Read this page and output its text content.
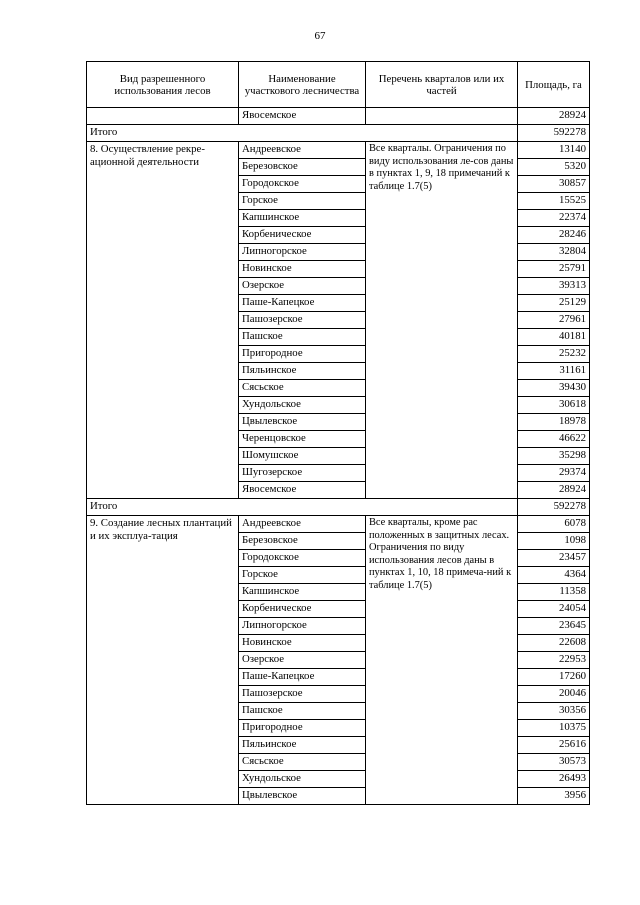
67
Вид разрешенного использования лесов	Наименование участкового лесничества	Перечень кварталов или их частей	Площадь, га
	Явосемское		28924
Итого			592278
8. Осуществление рекре-ационной деятельности	Андреевское	Все кварталы. Ограничения по виду использования ле-сов даны в пунктах 1, 9, 18 примечаний к таблице 1.7(5)	13140
	Березовское		5320
	Городокское		30857
	Горское		15525
	Капшинское		22374
	Корбеническое		28246
	Липногорское		32804
	Новинское		25791
	Озерское		39313
	Паше-Капецкое		25129
	Пашозерское		27961
	Пашское		40181
	Пригородное		25232
	Пяльинское		31161
	Сясьское		39430
	Хундольское		30618
	Цвылевское		18978
	Черенцовское		46622
	Шомушское		35298
	Шугозерское		29374
	Явосемское		28924
Итого			592278
9. Создание лесных плантаций и их эксплуа-тация	Андреевское	Все кварталы, кроме рас положенных в защитных лесах. Ограничения по виду использования лесов даны в пунктах 1, 10, 18 примеча-ний к таблице 1.7(5)	6078
	Березовское		1098
	Городокское		23457
	Горское		4364
	Капшинское		11358
	Корбеническое		24054
	Липногорское		23645
	Новинское		22608
	Озерское		22953
	Паше-Капецкое		17260
	Пашозерское		20046
	Пашское		30356
	Пригородное		10375
	Пяльинское		25616
	Сясьское		30573
	Хундольское		26493
	Цвылевское		3956
